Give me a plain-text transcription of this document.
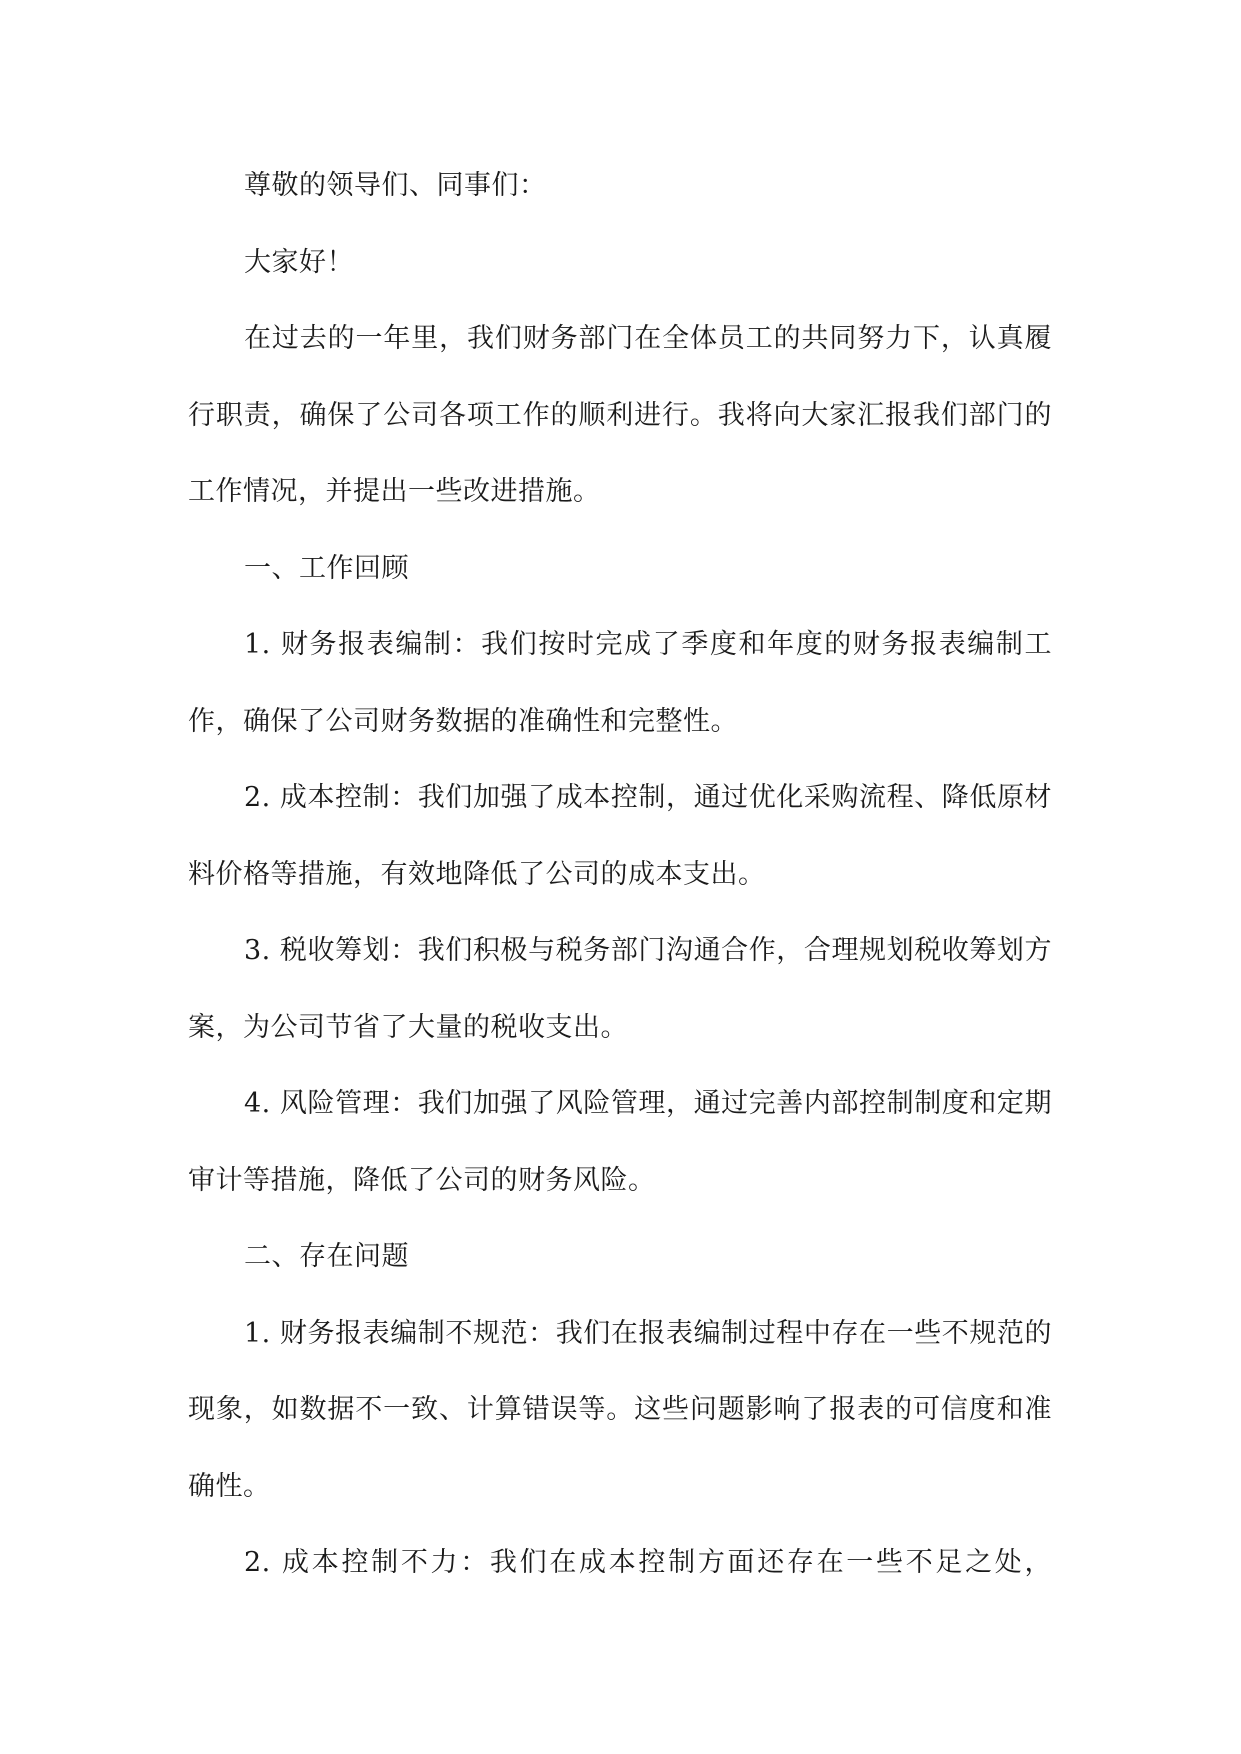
尊敬的领导们、同事们：

大家好！

在过去的一年里，我们财务部门在全体员工的共同努力下，认真履行职责，确保了公司各项工作的顺利进行。我将向大家汇报我们部门的工作情况，并提出一些改进措施。

一、工作回顾

1. 财务报表编制：我们按时完成了季度和年度的财务报表编制工作，确保了公司财务数据的准确性和完整性。

2. 成本控制：我们加强了成本控制，通过优化采购流程、降低原材料价格等措施，有效地降低了公司的成本支出。

3. 税收筹划：我们积极与税务部门沟通合作，合理规划税收筹划方案，为公司节省了大量的税收支出。

4. 风险管理：我们加强了风险管理，通过完善内部控制制度和定期审计等措施，降低了公司的财务风险。

二、存在问题

1. 财务报表编制不规范：我们在报表编制过程中存在一些不规范的现象，如数据不一致、计算错误等。这些问题影响了报表的可信度和准确性。

2. 成本控制不力：我们在成本控制方面还存在一些不足之处，
